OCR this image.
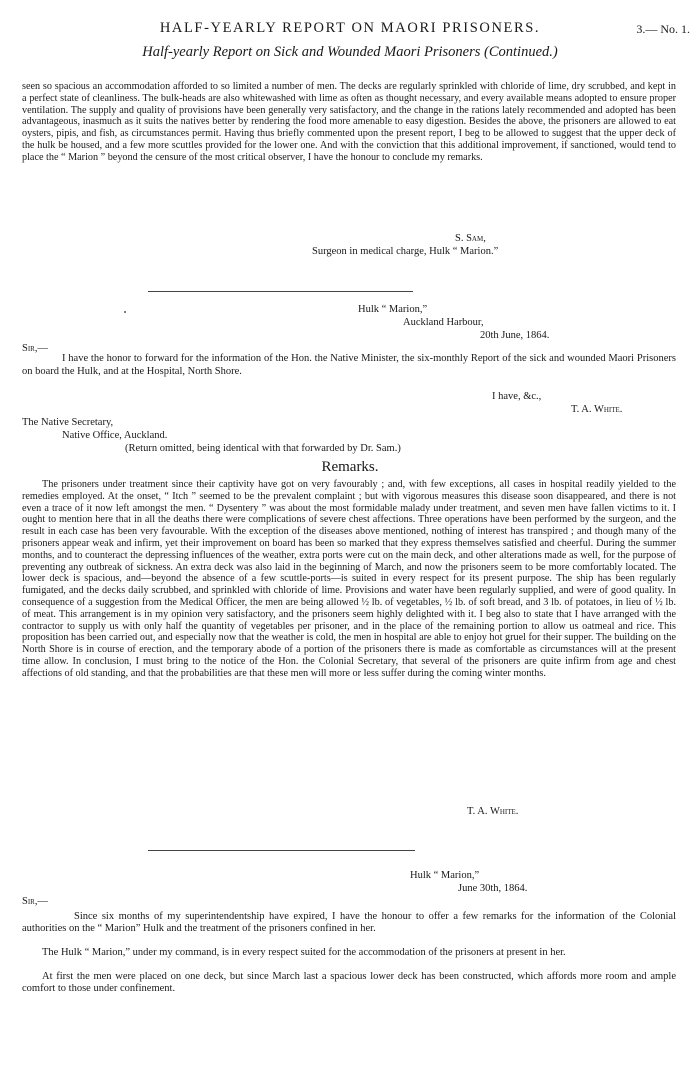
HALF-YEARLY REPORT ON MAORI PRISONERS.	3.— No. 1.
Half-yearly Report on Sick and Wounded Maori Prisoners (Continued.)

seen so spacious an accommodation afforded to so limited a number of men. The decks are regularly sprinkled with chloride of lime, dry scrubbed, and kept in a perfect state of cleanliness. The bulk-heads are also whitewashed with lime as often as thought necessary, and every available means adopted to ensure proper ventilation. The supply and quality of provisions have been generally very satisfactory, and the change in the rations lately recommended and adopted has been advantageous, inasmuch as it suits the natives better by rendering the food more amenable to easy digestion. Besides the above, the prisoners are allowed to eat oysters, pipis, and fish, as circumstances permit. Having thus briefly commented upon the present report, I beg to be allowed to suggest that the upper deck of the hulk be housed, and a few more scuttles provided for the lower one. And with the conviction that this additional improvement, if sanctioned, would tend to place the “ Marion ” beyond the censure of the most critical observer, I have the honour to conclude my remarks.

S. Sam,
Surgeon in medical charge, Hulk “ Marion.”
Hulk “ Marion,”
Auckland Harbour,
20th June, 1864.
Sir,—

I have the honor to forward for the information of the Hon. the Native Minister, the six-monthly Report of the sick and wounded Maori Prisoners on board the Hulk, and at the Hospital, North Shore.

I have, &c.,
T. A. White.
The Native Secretary,
Native Office, Auckland.
(Return omitted, being identical with that forwarded by Dr. Sam.)
Remarks.

The prisoners under treatment since their captivity have got on very favourably ; and, with few exceptions, all cases in hospital readily yielded to the remedies employed. At the onset, “ Itch ” seemed to be the prevalent complaint ; but with vigorous measures this disease soon disappeared, and there is not even a trace of it now left amongst the men. “ Dysentery ” was about the most formidable malady under treatment, and seven men have fallen victims to it. I ought to mention here that in all the deaths there were complications of severe chest affections. Three operations have been performed by the surgeon, and the result in each case has been very favourable. With the exception of the diseases above mentioned, nothing of interest has transpired ; and though many of the prisoners appear weak and infirm, yet their improvement on board has been so marked that they express themselves satisfied and cheerful. During the summer months, and to counteract the depressing influences of the weather, extra ports were cut on the main deck, and other alterations made as well, for the purpose of preventing any outbreak of sickness. An extra deck was also laid in the beginning of March, and now the prisoners seem to be more comfortably located. The lower deck is spacious, and—beyond the absence of a few scuttle-ports—is suited in every respect for its present purpose. The ship has been regularly fumigated, and the decks daily scrubbed, and sprinkled with chloride of lime. Provisions and water have been regularly supplied, and were of good quality. In consequence of a suggestion from the Medical Officer, the men are being allowed ½ lb. of vegetables, ½ lb. of soft bread, and 3 lb. of potatoes, in lieu of ½ lb. of meat. This arrangement is in my opinion very satisfactory, and the prisoners seem highly delighted with it. I beg also to state that I have arranged with the contractor to supply us with only half the quantity of vegetables per prisoner, and in the place of the remaining portion to allow us oatmeal and rice. This proposition has been carried out, and especially now that the weather is cold, the men in hospital are able to enjoy hot gruel for their supper. The building on the North Shore is in course of erection, and the temporary abode of a portion of the prisoners there is made as comfortable as circumstances will at the present time allow. In conclusion, I must bring to the notice of the Hon. the Colonial Secretary, that several of the prisoners are quite infirm from age and chest affections of old standing, and that the probabilities are that these men will more or less suffer during the coming winter months.

T. A. White.
Hulk “ Marion,”
June 30th, 1864.
Sir,—

Since six months of my superintendentship have expired, I have the honour to offer a few remarks for the information of the Colonial authorities on the “ Marion” Hulk and the treatment of the prisoners confined in her.

The Hulk “ Marion,” under my command, is in every respect suited for the accommodation of the prisoners at present in her.

At first the men were placed on one deck, but since March last a spacious lower deck has been constructed, which affords more room and ample comfort to those under confinement.
